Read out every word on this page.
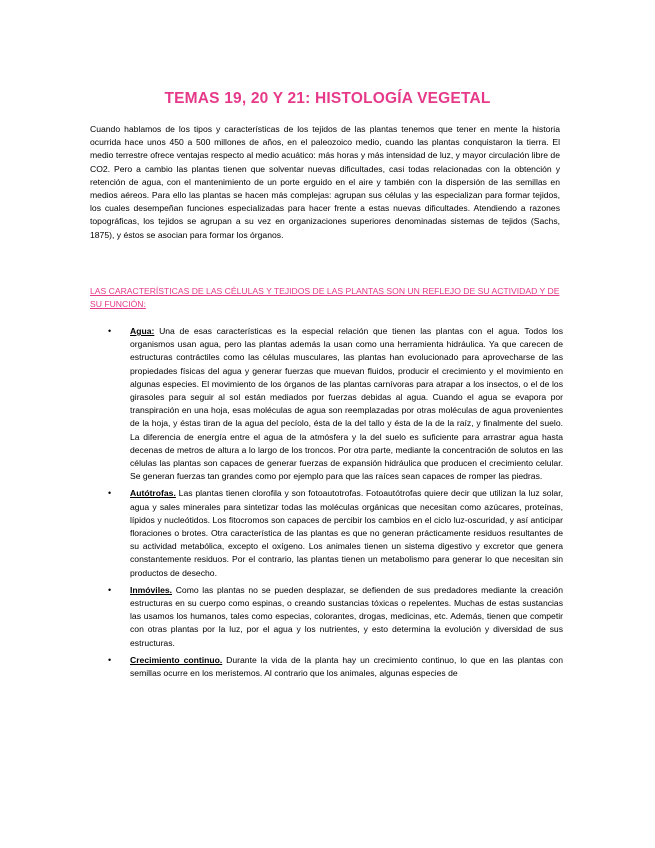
TEMAS 19, 20 Y 21: HISTOLOGÍA VEGETAL

Cuando hablamos de los tipos y características de los tejidos de las plantas tenemos que tener en mente la historia ocurrida hace unos 450 a 500 millones de años, en el paleozoico medio, cuando las plantas conquistaron la tierra. El medio terrestre ofrece ventajas respecto al medio acuático: más horas y más intensidad de luz, y mayor circulación libre de CO2. Pero a cambio las plantas tienen que solventar nuevas dificultades, casi todas relacionadas con la obtención y retención de agua, con el mantenimiento de un porte erguido en el aire y también con la dispersión de las semillas en medios aéreos. Para ello las plantas se hacen más complejas: agrupan sus células y las especializan para formar tejidos, los cuales desempeñan funciones especializadas para hacer frente a estas nuevas dificultades. Atendiendo a razones topográficas, los tejidos se agrupan a su vez en organizaciones superiores denominadas sistemas de tejidos (Sachs, 1875), y éstos se asocian para formar los órganos.

LAS CARACTERÍSTICAS DE LAS CÉLULAS Y TEJIDOS DE LAS PLANTAS SON UN REFLEJO DE SU ACTIVIDAD Y DE SU FUNCIÓN:
• Agua: Una de esas características es la especial relación que tienen las plantas con el agua. Todos los organismos usan agua, pero las plantas además la usan como una herramienta hidráulica. Ya que carecen de estructuras contráctiles como las células musculares, las plantas han evolucionado para aprovecharse de las propiedades físicas del agua y generar fuerzas que muevan fluidos, producir el crecimiento y el movimiento en algunas especies. El movimiento de los órganos de las plantas carnívoras para atrapar a los insectos, o el de los girasoles para seguir al sol están mediados por fuerzas debidas al agua. Cuando el agua se evapora por transpiración en una hoja, esas moléculas de agua son reemplazadas por otras moléculas de agua provenientes de la hoja, y éstas tiran de la agua del pecíolo, ésta de la del tallo y ésta de la de la raíz, y finalmente del suelo. La diferencia de energía entre el agua de la atmósfera y la del suelo es suficiente para arrastrar agua hasta decenas de metros de altura a lo largo de los troncos. Por otra parte, mediante la concentración de solutos en las células las plantas son capaces de generar fuerzas de expansión hidráulica que producen el crecimiento celular. Se generan fuerzas tan grandes como por ejemplo para que las raíces sean capaces de romper las piedras.
• Autótrofas. Las plantas tienen clorofila y son fotoautotrofas. Fotoautótrofas quiere decir que utilizan la luz solar, agua y sales minerales para sintetizar todas las moléculas orgánicas que necesitan como azúcares, proteínas, lípidos y nucleótidos. Los fitocromos son capaces de percibir los cambios en el ciclo luz-oscuridad, y así anticipar floraciones o brotes. Otra característica de las plantas es que no generan prácticamente residuos resultantes de su actividad metabólica, excepto el oxígeno. Los animales tienen un sistema digestivo y excretor que genera constantemente residuos. Por el contrario, las plantas tienen un metabolismo para generar lo que necesitan sin productos de desecho.
• Inmóviles. Como las plantas no se pueden desplazar, se defienden de sus predadores mediante la creación estructuras en su cuerpo como espinas, o creando sustancias tóxicas o repelentes. Muchas de estas sustancias las usamos los humanos, tales como especias, colorantes, drogas, medicinas, etc. Además, tienen que competir con otras plantas por la luz, por el agua y los nutrientes, y esto determina la evolución y diversidad de sus estructuras.
• Crecimiento continuo. Durante la vida de la planta hay un crecimiento continuo, lo que en las plantas con semillas ocurre en los meristemos. Al contrario que los animales, algunas especies de
